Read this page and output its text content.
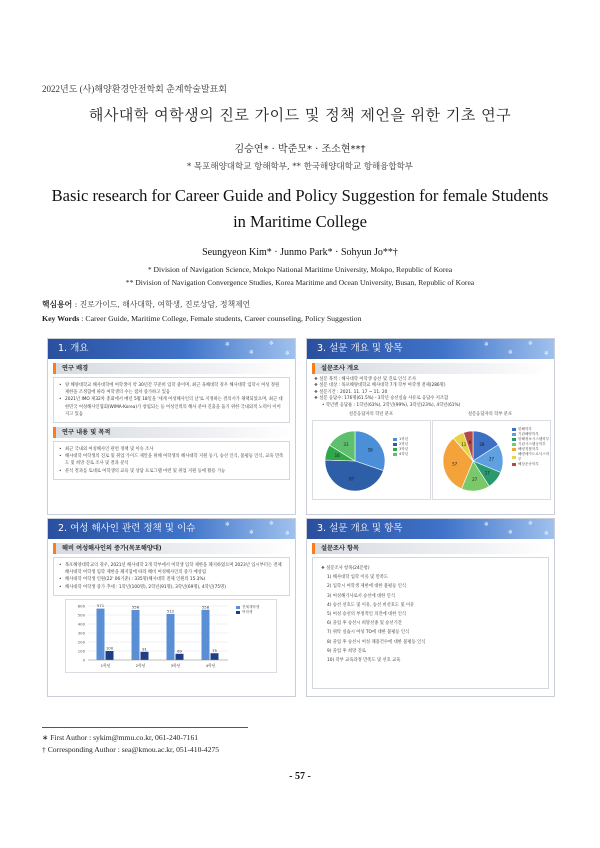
2022년도 (사)해양환경안전학회 춘계학술발표회
해사대학 여학생의 진로 가이드 및 정책 제언을 위한 기초 연구
김승연* · 박준모* · 조소현**†
* 목포해양대학교 항해학부, ** 한국해양대학교 항해융합학부
Basic research for Career Guide and Policy Suggestion for female Students
in Maritime College
Seungyeon Kim* · Junmo Park* · Sohyun Jo**†
* Division of Navigation Science, Mokpo National Maritime University, Mokpo, Republic of Korea
** Division of Navigation Convergence Studies, Korea Maritime and Ocean University, Busan, Republic of Korea
핵심용어 : 진로가이드, 해사대학, 여학생, 진로상담, 정책제언
Key Words : Career Guide, Maritime College, Female students, Career counseling, Policy Suggestion
1. 개요	❄
❄
❄
❄
연구 배경
• 양 해양대학교 해사대학에 여학생이 약 30년간 꾸준히 입학 중이며, 최근 육해대학 경우 해사대학 입학시 여성 정원 제한을 조정함에 따라 여학생의 수는 점차 증가하고 있음
• 2021년 IMO 제32차 총회에서 매년 5월 18일을 '세계 여성해사인의 날'로 지정하는 결의서가 채택되었으며, 최근 대한민국 여성해사인협회(WIMA-Korea)가 창립되는 등 여성인력의 해사 분야 진출을 돕기 위한 국내외적 노력이 이어지고 있음
연구 내용 및 목적
• 최근 국내외 여성해사인 관련 정책 및 이슈 조사
• 해사대학 여학생의 진로 및 취업 가이드 제안을 위해 여학생의 해사대학 지원 동기, 승선 인식, 불평등 인식, 교육 만족도 및 희망 진로 조사 및 결과 분석
• 분석 결과를 토대로 여학생의 교육 및 상담 프로그램 마련 및 취업 지원 등에 활용 가능
3. 설문 개요 및 항목	❄
❄
❄
❄
설문조사 개요
❖ 설문 목적 : 해사대학 여학생 승선 및 진로 인식 조사
❖ 설문 대상 : 목포해양대학교 해사대학 7개 학부 여학생 전체(286명)
❖ 설문기간 : 2021. 11. 17 ~ 11. 20
❖ 설문 응답수: 176명(61.5%) - 3학년 승선실습 사유로 응답수 저조함
• 학년별 응답률 : 1학년(63%), 2학년(99%), 3학년(23%), 4학년(61%)
설문응답자의 학년 분포	설문응답자의 학부 분포
58
87
16
31
1학년
2학년
3학년
4학년
28
27
17
27
57
11 9
항해학부
기관해양학부
항해정보시스템학부
기관시스템공학부
해양경찰학부
해양메카트로닉스학부
해상운송학부
2. 여성 해사인 관련 정책 및 이슈	❄
❄
❄
❄
해비 여성해사인의 증가(목포해양대)
• 목포해양대학교의 경우, 2021년 해사대학 2개 학부에서 여학생 입학 제한을 폐지하였으며 2023년 입시부터는 전체 해사대학 여학생 입학 제한을 폐지함에 따라 해비 여성해사인의 증가 예상됨
• 해사대학 여학생 인원(22' 06기준) : 335명(해사대학 전체 인원의 15.3%)
• 해사대학 여학생 증가 추세 : 1학년(100명), 2학년(91명), 3학년(69명), 4학년(75명)
0
100
200
300
400
500
600	571
100
1학년
556
91
2학년
512
69
3학년
558
75
4학년
전체재학생
여학생
3. 설문 개요 및 항목	❄
❄
❄
❄
설문조사 항목
❖ 설문조사 항목(24문항)
1) 해사대학 입학 이유 및 만족도
2) 입학시 여학생 제한에 대한 불평등 인식
3) 여성해기사로서 승선에 대한 인식
4) 승선 선호도 및 이유, 승선 비선호도 및 이유
5) 여성 승선의 부정적인 의견에 대한 인식
6) 졸업 후 승선시 희망선종 및 승선기간
7) 위탁 실습시 여성 TO에 대한 불평등 인식
8) 졸업 후 승선시 여성 채용건수에 대한 불평등 인식
9) 졸업 후 희망 진로
10) 학부 교육과정 만족도 및 선호 교육
∗ First Author : sykim@mmu.co.kr, 061-240-7161
† Corresponding Author : sea@kmou.ac.kr, 051-410-4275
- 57 -
